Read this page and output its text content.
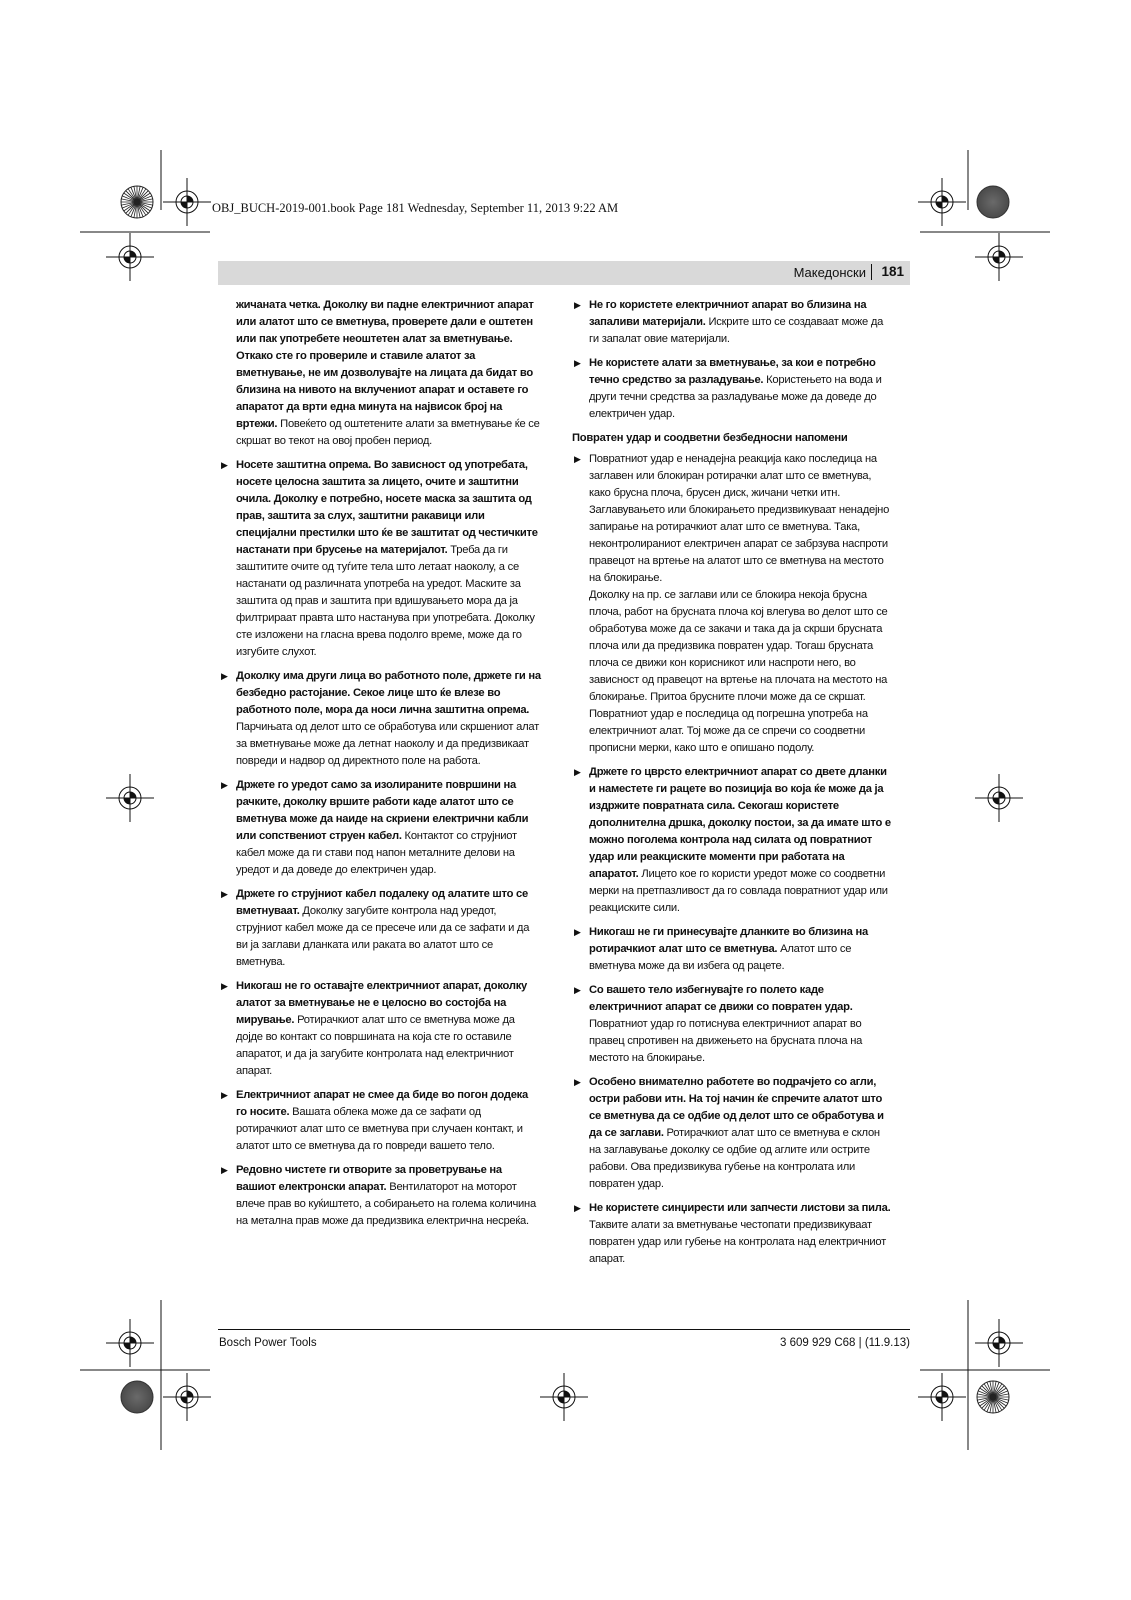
OBJ_BUCH-2019-001.book Page 181 Wednesday, September 11, 2013 9:22 AM
Македонски 181

жичаната четка. Доколку ви падне електричниот апарат или алатот што се вметнува, проверете дали е оштетен или пак употребете неоштетен алат за вметнување. Откако сте го провериле и ставиле алатот за вметнување, не им дозволувајте на лицата да бидат во близина на нивото на вклучениот апарат и оставете го апаратот да врти една минута на највисок број на вртежи. Повеќето од оштетените алати за вметнување ќе се скршат во текот на овој пробен период.

▶ Носете заштитна опрема. Во зависност од употребата, носете целосна заштита за лицето, очите и заштитни очила. Доколку е потребно, носете маска за заштита од прав, заштита за слух, заштитни ракавици или специјални престилки што ќе ве заштитат од честичките настанати при брусење на материјалот. Треба да ги заштитите очите од туѓите тела што летаат наоколу, а се настанати од различната употреба на уредот. Маските за заштита од прав и заштита при вдишувањето мора да ја филтрираат правта што настанува при употребата. Доколку сте изложени на гласна врева подолго време, може да го изгубите слухот.

▶ Доколку има други лица во работното поле, држете ги на безбедно растојание. Секое лице што ќе влезе во работното поле, мора да носи лична заштитна опрема. Парчињата од делот што се обработува или скршениот алат за вметнување може да летнат наоколу и да предизвикаат повреди и надвор од директното поле на работа.

▶ Држете го уредот само за изолираните површини на рачките, доколку вршите работи каде алатот што се вметнува може да наиде на скриени електрични кабли или сопствениот струен кабел. Контактот со струјниот кабел може да ги стави под напон металните делови на уредот и да доведе до електричен удар.

▶ Држете го струјниот кабел подалеку од алатите што се вметнуваат. Доколку загубите контрола над уредот, струјниот кабел може да се пресече или да се зафати и да ви ја заглави дланката или раката во алатот што се вметнува.

▶ Никогаш не го оставајте електричниот апарат, доколку алатот за вметнување не е целосно во состојба на мирување. Ротирачкиот алат што се вметнува може да дојде во контакт со површината на која сте го оставиле апаратот, и да ја загубите контролата над електричниот апарат.

▶ Електричниот апарат не смее да биде во погон додека го носите. Вашата облека може да се зафати од ротирачкиот алат што се вметнува при случаен контакт, и алатот што се вметнува да го повреди вашето тело.

▶ Редовно чистете ги отворите за проветрување на вашиот електронски апарат. Вентилаторот на моторот влече прав во куќиштето, а собирањето на голема количина на метална прав може да предизвика електрична несреќа.

▶ Не го користете електричниот апарат во близина на запаливи материјали. Искрите што се создаваат може да ги запалат овие материјали.

▶ Не користете алати за вметнување, за кои е потребно течно средство за разладување. Користењето на вода и други течни средства за разладување може да доведе до електричен удар.

Повратен удар и соодветни безбедносни напомени

▶ Повратниот удар е ненадејна реакција како последица на заглавен или блокиран ротирачки алат што се вметнува, како брусна плоча, брусен диск, жичани четки итн. Заглавувањето или блокирањето предизвикуваат ненадејно запирање на ротирачкиот алат што се вметнува. Така, неконтролираниот електричен апарат се забрзува наспроти правецот на вртење на алатот што се вметнува на местото на блокирање.
Доколку на пр. се заглави или се блокира некоја брусна плоча, работ на брусната плоча кој влегува во делот што се обработува може да се закачи и така да ја скрши брусната плоча или да предизвика повратен удар. Тогаш брусната плоча се движи кон корисникот или наспроти него, во зависност од правецот на вртење на плочата на местото на блокирање. Притоа брусните плочи може да се скршат.
Повратниот удар е последица од погрешна употреба на електричниот алат. Тој може да се спречи со соодветни прописни мерки, како што е опишано подолу.

▶ Држете го цврсто електричниот апарат со двете дланки и наместете ги рацете во позиција во која ќе може да ја издржите повратната сила. Секогаш користете дополнителна дршка, доколку постои, за да имате што е можно поголема контрола над силата од повратниот удар или реакциските моменти при работата на апаратот. Лицето кое го користи уредот може со соодветни мерки на претпазливост да го совлада повратниот удар или реакциските сили.

▶ Никогаш не ги принесувајте дланките во близина на ротирачкиот алат што се вметнува. Алатот што се вметнува може да ви избега од рацете.

▶ Со вашето тело избегнувајте го полето каде електричниот апарат се движи со повратен удар. Повратниот удар го потиснува електричниот апарат во правец спротивен на движењето на брусната плоча на местото на блокирање.

▶ Особено внимателно работете во подрачјето со агли, остри рабови итн. На тој начин ќе спречите алатот што се вметнува да се одбие од делот што се обработува и да се заглави. Ротирачкиот алат што се вметнува е склон на заглавување доколку се одбие од аглите или острите рабови. Ова предизвикува губење на контролата или повратен удар.

▶ Не користете синџирести или запчести листови за пила. Таквите алати за вметнување честопати предизвикуваат повратен удар или губење на контролата над електричниот апарат.

Bosch Power Tools	3 609 929 C68 | (11.9.13)
